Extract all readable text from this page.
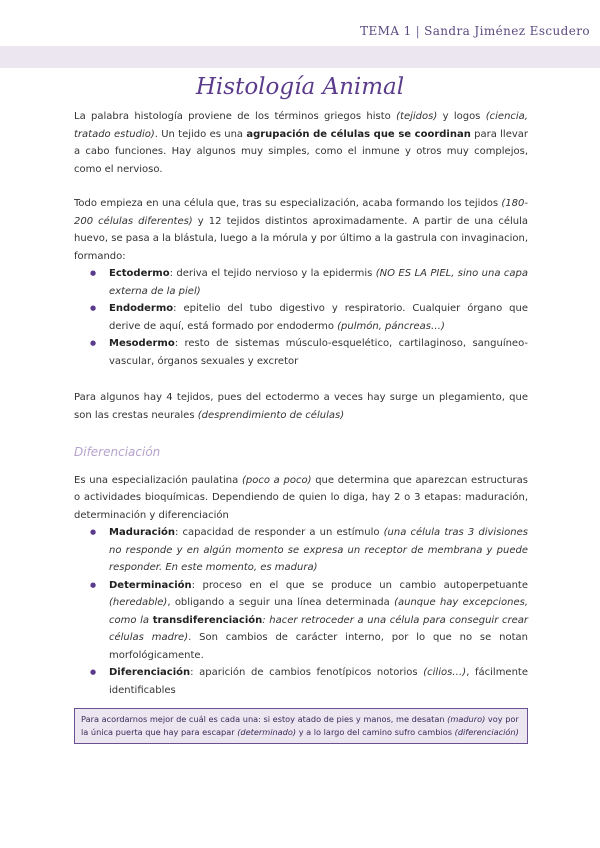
TEMA 1 | Sandra Jiménez Escudero
Histología Animal

La palabra histología proviene de los términos griegos histo (tejidos) y logos (ciencia, tratado estudio). Un tejido es una agrupación de células que se coordinan para llevar a cabo funciones. Hay algunos muy simples, como el inmune y otros muy complejos, como el nervioso.

Todo empieza en una célula que, tras su especialización, acaba formando los tejidos (180-200 células diferentes) y 12 tejidos distintos aproximadamente. A partir de una célula huevo, se pasa a la blástula, luego a la mórula y por último a la gastrula con invaginacion, formando:

● Ectodermo: deriva el tejido nervioso y la epidermis (NO ES LA PIEL, sino una capa externa de la piel)
● Endodermo: epitelio del tubo digestivo y respiratorio. Cualquier órgano que derive de aquí, está formado por endodermo (pulmón, páncreas…)
● Mesodermo: resto de sistemas músculo-esquelético, cartilaginoso, sanguíneo-vascular, órganos sexuales y excretor

Para algunos hay 4 tejidos, pues del ectodermo a veces hay surge un plegamiento, que son las crestas neurales (desprendimiento de células)

Diferenciación

Es una especialización paulatina (poco a poco) que determina que aparezcan estructuras o actividades bioquímicas. Dependiendo de quien lo diga, hay 2 o 3 etapas: maduración, determinación y diferenciación

● Maduración: capacidad de responder a un estímulo (una célula tras 3 divisiones no responde y en algún momento se expresa un receptor de membrana y puede responder. En este momento, es madura)
● Determinación: proceso en el que se produce un cambio autoperpetuante (heredable), obligando a seguir una línea determinada (aunque hay excepciones, como la transdiferenciación: hacer retroceder a una célula para conseguir crear células madre). Son cambios de carácter interno, por lo que no se notan morfológicamente.
● Diferenciación: aparición de cambios fenotípicos notorios (cilios…), fácilmente identificables
Para acordarnos mejor de cuál es cada una: si estoy atado de pies y manos, me desatan (maduro) voy por la única puerta que hay para escapar (determinado) y a lo largo del camino sufro cambios (diferenciación)
